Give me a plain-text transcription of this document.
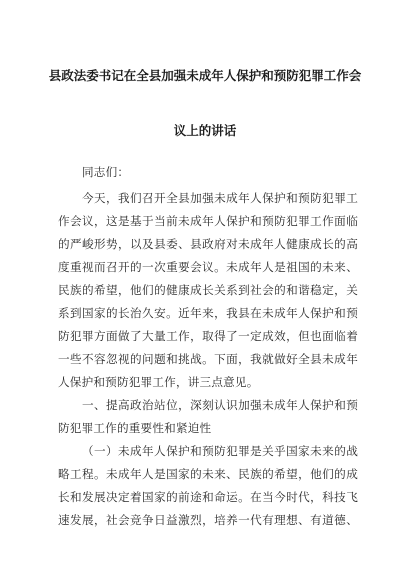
县政法委书记在全县加强未成年人保护和预防犯罪工作会
议上的讲话
同志们：
今天，我们召开全县加强未成年人保护和预防犯罪工
作会议，这是基于当前未成年人保护和预防犯罪工作面临
的严峻形势，以及县委、县政府对未成年人健康成长的高
度重视而召开的一次重要会议。未成年人是祖国的未来、
民族的希望，他们的健康成长关系到社会的和谐稳定，关
系到国家的长治久安。近年来，我县在未成年人保护和预
防犯罪方面做了大量工作，取得了一定成效，但也面临着
一些不容忽视的问题和挑战。下面，我就做好全县未成年
人保护和预防犯罪工作，讲三点意见。
一、提高政治站位，深刻认识加强未成年人保护和预
防犯罪工作的重要性和紧迫性
（一）未成年人保护和预防犯罪是关乎国家未来的战
略工程。未成年人是国家的未来、民族的希望，他们的成
长和发展决定着国家的前途和命运。在当今时代，科技飞
速发展，社会竞争日益激烈，培养一代有理想、有道德、
